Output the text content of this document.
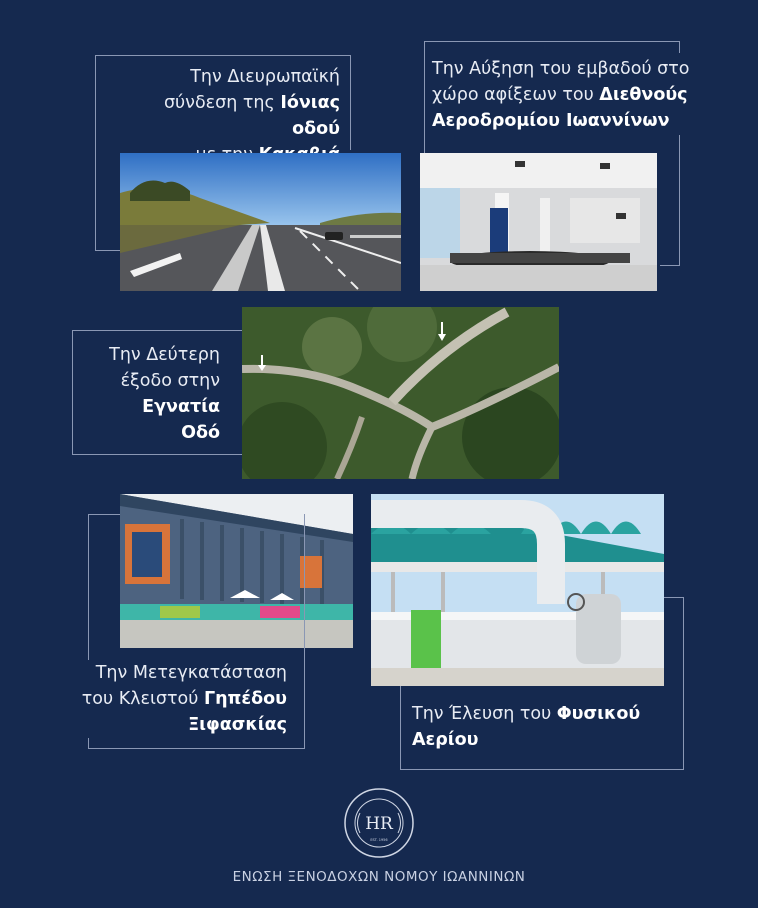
Την Διευρωπαϊκή
σύνδεση της Ιόνιας οδού
Την Αύξηση του εμβαδού στο
χώρο αφίξεων του Διεθνούς
Αεροδρομίου Ιωαννίνων
Την Δεύτερη
έξοδο στην
Εγνατία
Οδό
Την Μετεγκατάσταση
του Κλειστού Γηπέδου
Ξιφασκίας
Την Έλευση του Φυσικού
Αερίου
HR
EST. 1956
ΕΝΩΣΗ ΞΕΝΟΔΟΧΩΝ ΝΟΜΟΥ ΙΩΑΝΝΙΝΩΝ
